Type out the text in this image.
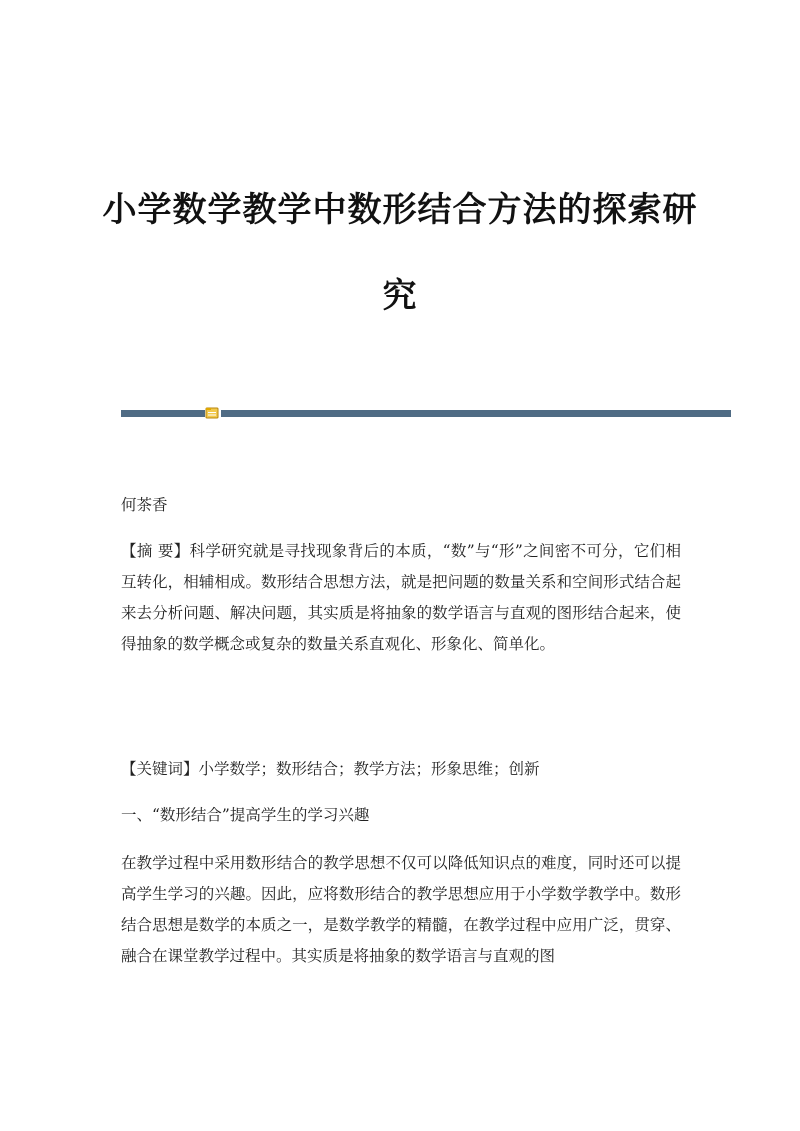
小学数学教学中数形结合方法的探索研
究

何茶香

【摘 要】科学研究就是寻找现象背后的本质，“数”与“形”之间密不可分，它们相互转化，相辅相成。数形结合思想方法，就是把问题的数量关系和空间形式结合起来去分析问题、解决问题，其实质是将抽象的数学语言与直观的图形结合起来，使得抽象的数学概念或复杂的数量关系直观化、形象化、简单化。

【关键词】小学数学；数形结合；教学方法；形象思维；创新

一、“数形结合”提高学生的学习兴趣

在教学过程中采用数形结合的教学思想不仅可以降低知识点的难度，同时还可以提高学生学习的兴趣。因此，应将数形结合的教学思想应用于小学数学教学中。数形结合思想是数学的本质之一，是数学教学的精髓，在教学过程中应用广泛，贯穿、融合在课堂教学过程中。其实质是将抽象的数学语言与直观的图
